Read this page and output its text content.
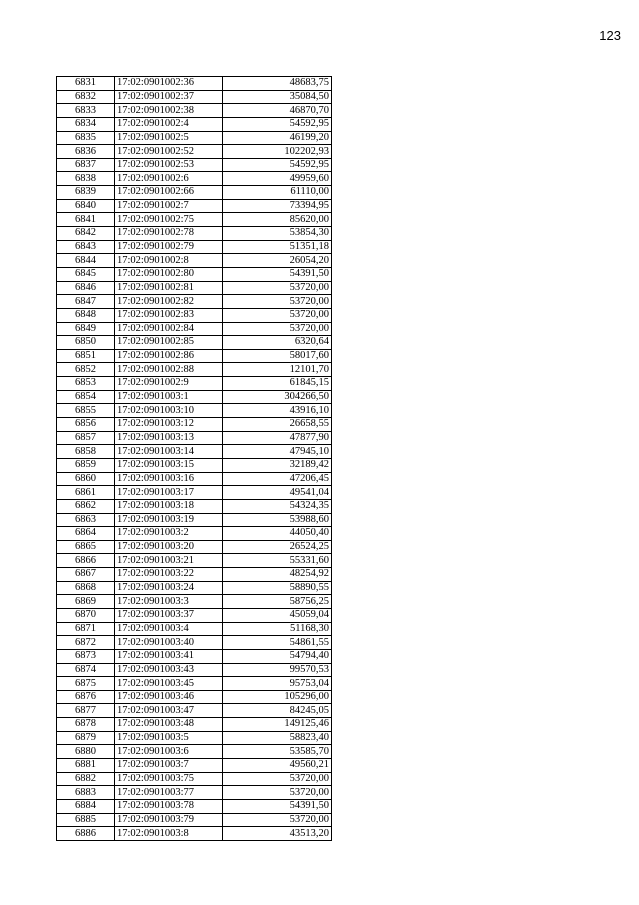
123
6831	17:02:0901002:36	48683,75
6832	17:02:0901002:37	35084,50
6833	17:02:0901002:38	46870,70
6834	17:02:0901002:4	54592,95
6835	17:02:0901002:5	46199,20
6836	17:02:0901002:52	102202,93
6837	17:02:0901002:53	54592,95
6838	17:02:0901002:6	49959,60
6839	17:02:0901002:66	61110,00
6840	17:02:0901002:7	73394,95
6841	17:02:0901002:75	85620,00
6842	17:02:0901002:78	53854,30
6843	17:02:0901002:79	51351,18
6844	17:02:0901002:8	26054,20
6845	17:02:0901002:80	54391,50
6846	17:02:0901002:81	53720,00
6847	17:02:0901002:82	53720,00
6848	17:02:0901002:83	53720,00
6849	17:02:0901002:84	53720,00
6850	17:02:0901002:85	6320,64
6851	17:02:0901002:86	58017,60
6852	17:02:0901002:88	12101,70
6853	17:02:0901002:9	61845,15
6854	17:02:0901003:1	304266,50
6855	17:02:0901003:10	43916,10
6856	17:02:0901003:12	26658,55
6857	17:02:0901003:13	47877,90
6858	17:02:0901003:14	47945,10
6859	17:02:0901003:15	32189,42
6860	17:02:0901003:16	47206,45
6861	17:02:0901003:17	49541,04
6862	17:02:0901003:18	54324,35
6863	17:02:0901003:19	53988,60
6864	17:02:0901003:2	44050,40
6865	17:02:0901003:20	26524,25
6866	17:02:0901003:21	55331,60
6867	17:02:0901003:22	48254,92
6868	17:02:0901003:24	58890,55
6869	17:02:0901003:3	58756,25
6870	17:02:0901003:37	45059,04
6871	17:02:0901003:4	51168,30
6872	17:02:0901003:40	54861,55
6873	17:02:0901003:41	54794,40
6874	17:02:0901003:43	99570,53
6875	17:02:0901003:45	95753,04
6876	17:02:0901003:46	105296,00
6877	17:02:0901003:47	84245,05
6878	17:02:0901003:48	149125,46
6879	17:02:0901003:5	58823,40
6880	17:02:0901003:6	53585,70
6881	17:02:0901003:7	49560,21
6882	17:02:0901003:75	53720,00
6883	17:02:0901003:77	53720,00
6884	17:02:0901003:78	54391,50
6885	17:02:0901003:79	53720,00
6886	17:02:0901003:8	43513,20
